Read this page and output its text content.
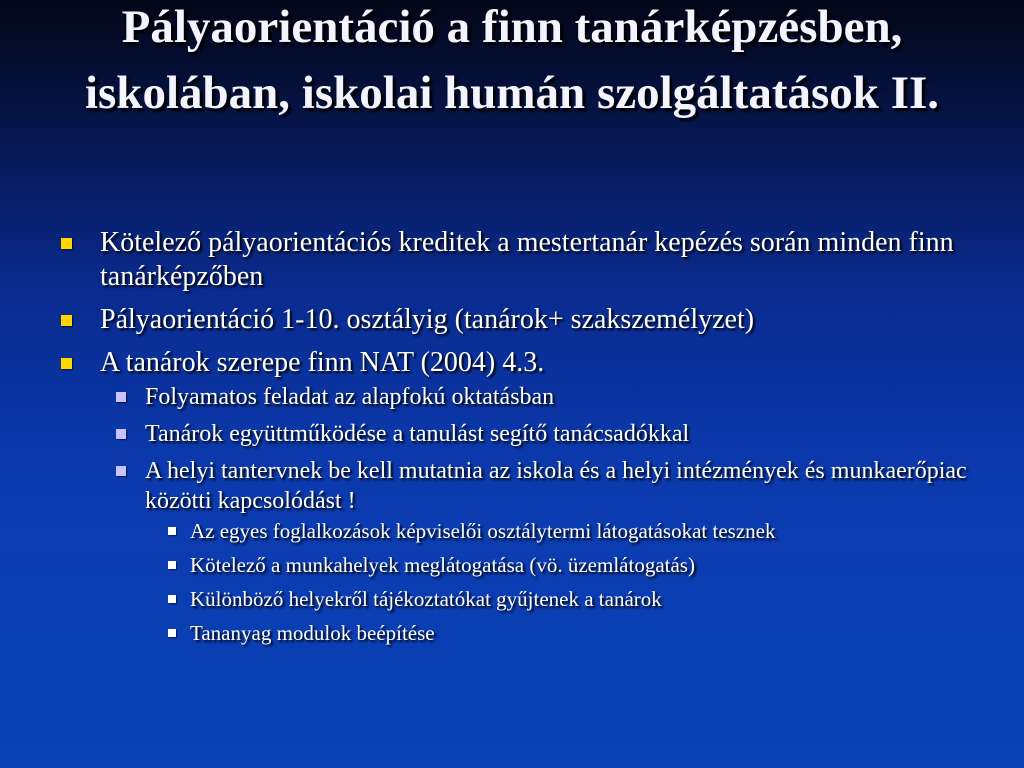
Pályaorientáció a finn tanárképzésben, iskolában, iskolai humán szolgáltatások II.
Kötelező pályaorientációs kreditek a mestertanár kepézés során minden finn tanárképzőben
Pályaorientáció 1-10. osztályig (tanárok+ szakszemélyzet)
A tanárok szerepe finn NAT (2004) 4.3.
Folyamatos feladat az alapfokú oktatásban
Tanárok együttműködése a tanulást segítő tanácsadókkal
A helyi tantervnek be kell mutatnia az iskola és a helyi intézmények és munkaerőpiac közötti kapcsolódást !
Az egyes foglalkozások képviselői osztálytermi látogatásokat tesznek
Kötelező a munkahelyek meglátogatása (vö. üzemlátogatás)
Különböző helyekről tájékoztatókat gyűjtenek a tanárok
Tananyag modulok beépítése
